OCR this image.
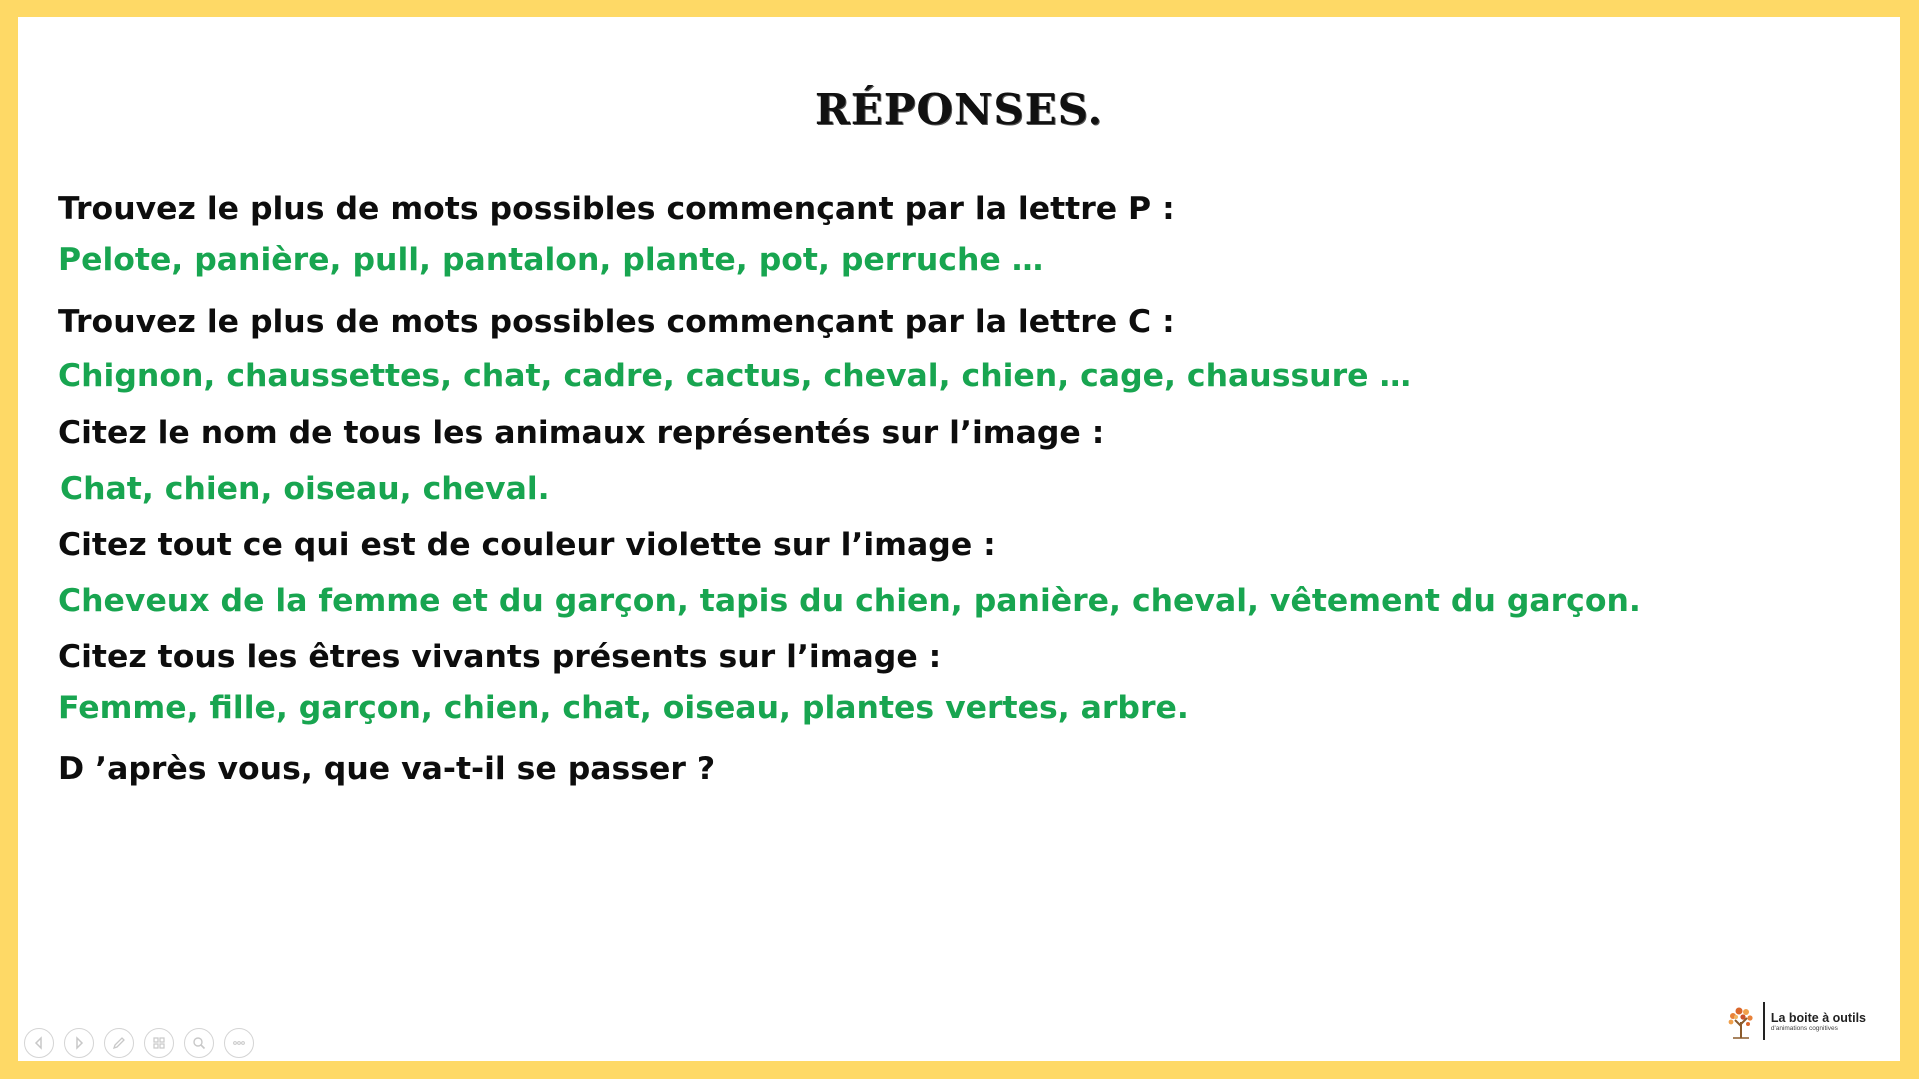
RÉPONSES.
Trouvez le plus de mots possibles commençant par la lettre P :
Pelote, panière, pull, pantalon, plante, pot, perruche …
Trouvez le plus de mots possibles commençant par la lettre C :
Chignon, chaussettes, chat, cadre, cactus, cheval, chien, cage, chaussure …
Citez le nom de tous les animaux représentés sur l’image :
Chat, chien, oiseau, cheval.
Citez tout ce qui est de couleur violette sur l’image :
Cheveux de la femme et du garçon, tapis du chien, panière, cheval, vêtement du garçon.
Citez tous les êtres vivants présents sur l’image :
Femme, fille, garçon, chien, chat, oiseau, plantes vertes, arbre.
D ’après vous, que va-t-il se passer ?
La boite à outils
d'animations cognitives
